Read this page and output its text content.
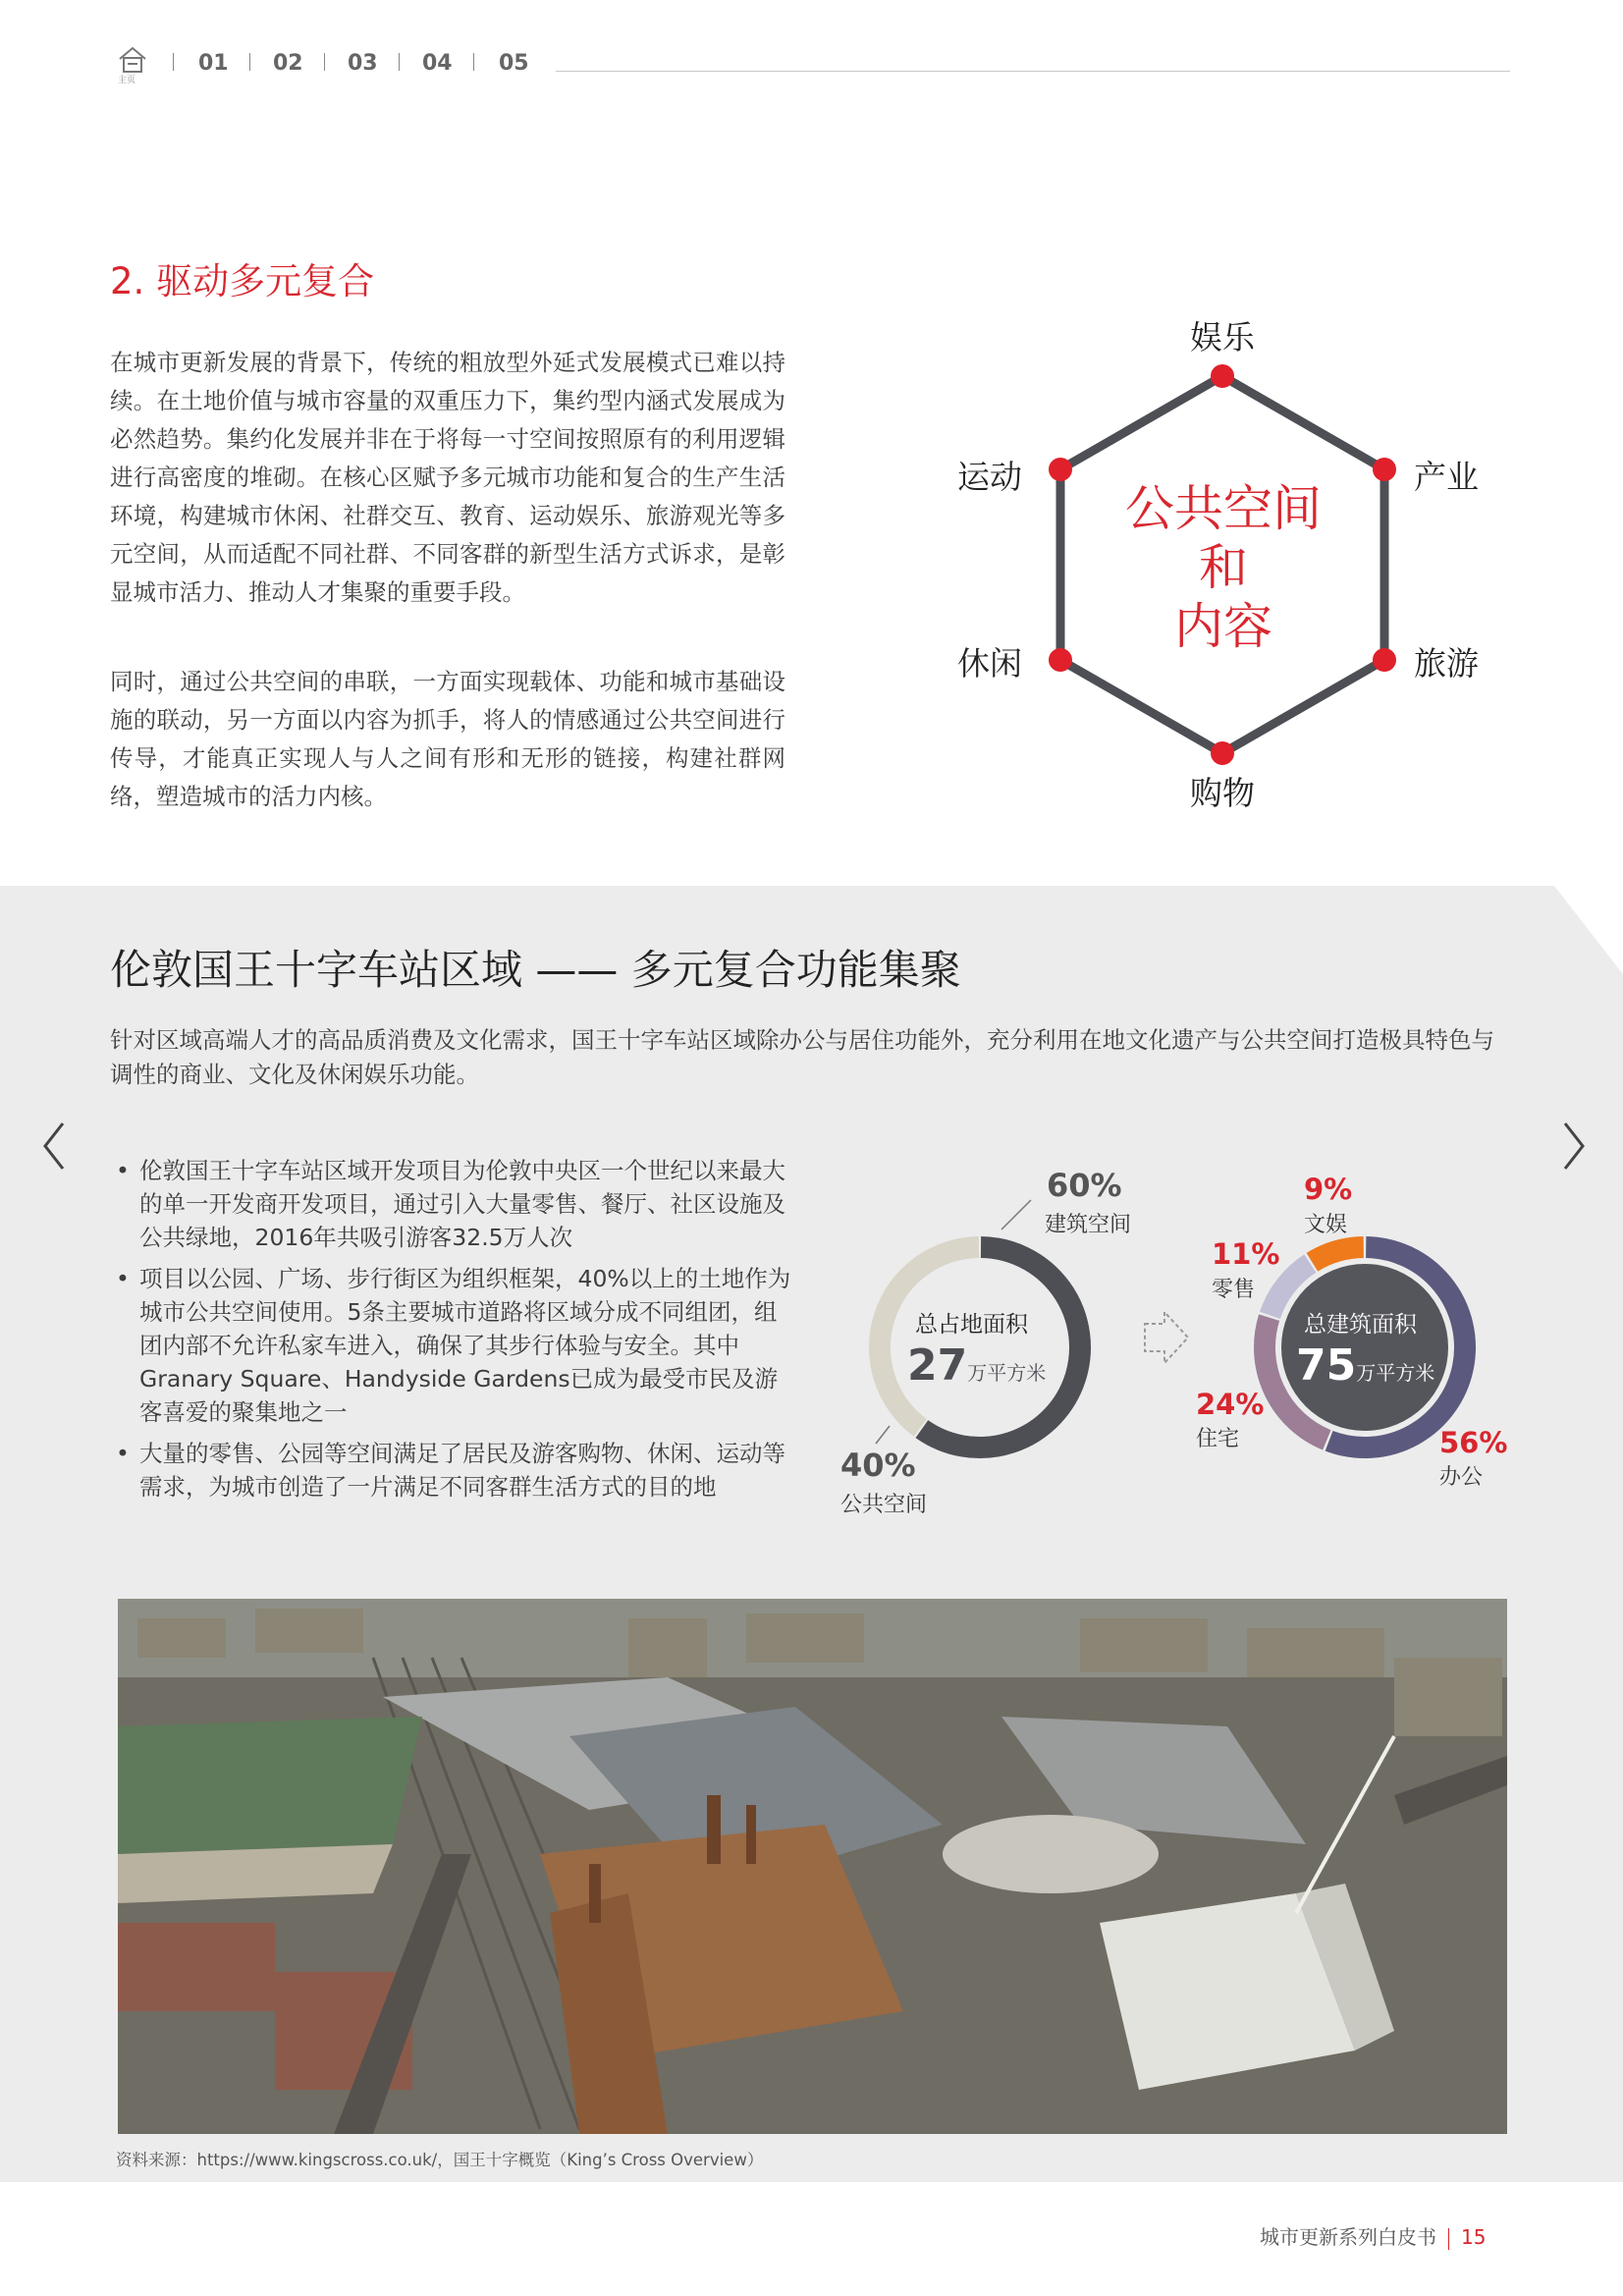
主页
01 02 03 04 05
2. 驱动多元复合
在城市更新发展的背景下，传统的粗放型外延式发展模式已难以持续。在土地价值与城市容量的双重压力下，集约型内涵式发展成为必然趋势。集约化发展并非在于将每一寸空间按照原有的利用逻辑进行高密度的堆砌。在核心区赋予多元城市功能和复合的生产生活环境，构建城市休闲、社群交互、教育、运动娱乐、旅游观光等多元空间，从而适配不同社群、不同客群的新型生活方式诉求，是彰显城市活力、推动人才集聚的重要手段。
同时，通过公共空间的串联，一方面实现载体、功能和城市基础设施的联动，另一方面以内容为抓手，将人的情感通过公共空间进行传导，才能真正实现人与人之间有形和无形的链接，构建社群网络，塑造城市的活力内核。
娱乐
运动	产业
休闲	旅游
购物
公共空间
和
内容
伦敦国王十字车站区域 —— 多元复合功能集聚
针对区域高端人才的高品质消费及文化需求，国王十字车站区域除办公与居住功能外，充分利用在地文化遗产与公共空间打造极具特色与调性的商业、文化及休闲娱乐功能。
• 伦敦国王十字车站区域开发项目为伦敦中央区一个世纪以来最大的单一开发商开发项目，通过引入大量零售、餐厅、社区设施及公共绿地，2016年共吸引游客32.5万人次
• 项目以公园、广场、步行街区为组织框架，40%以上的土地作为城市公共空间使用。5条主要城市道路将区域分成不同组团，组团内部不允许私家车进入，确保了其步行体验与安全。其中Granary Square、Handyside Gardens已成为最受市民及游客喜爱的聚集地之一
• 大量的零售、公园等空间满足了居民及游客购物、休闲、运动等需求，为城市创造了一片满足不同客群生活方式的目的地
60%
建筑空间
40%
公共空间
总占地面积
27万平方米
9%
文娱
11%
零售
24%
住宅	56%
办公
总建筑面积
75万平方米
资料来源：https://www.kingscross.co.uk/，国王十字概览（King’s Cross Overview）
城市更新系列白皮书 15
